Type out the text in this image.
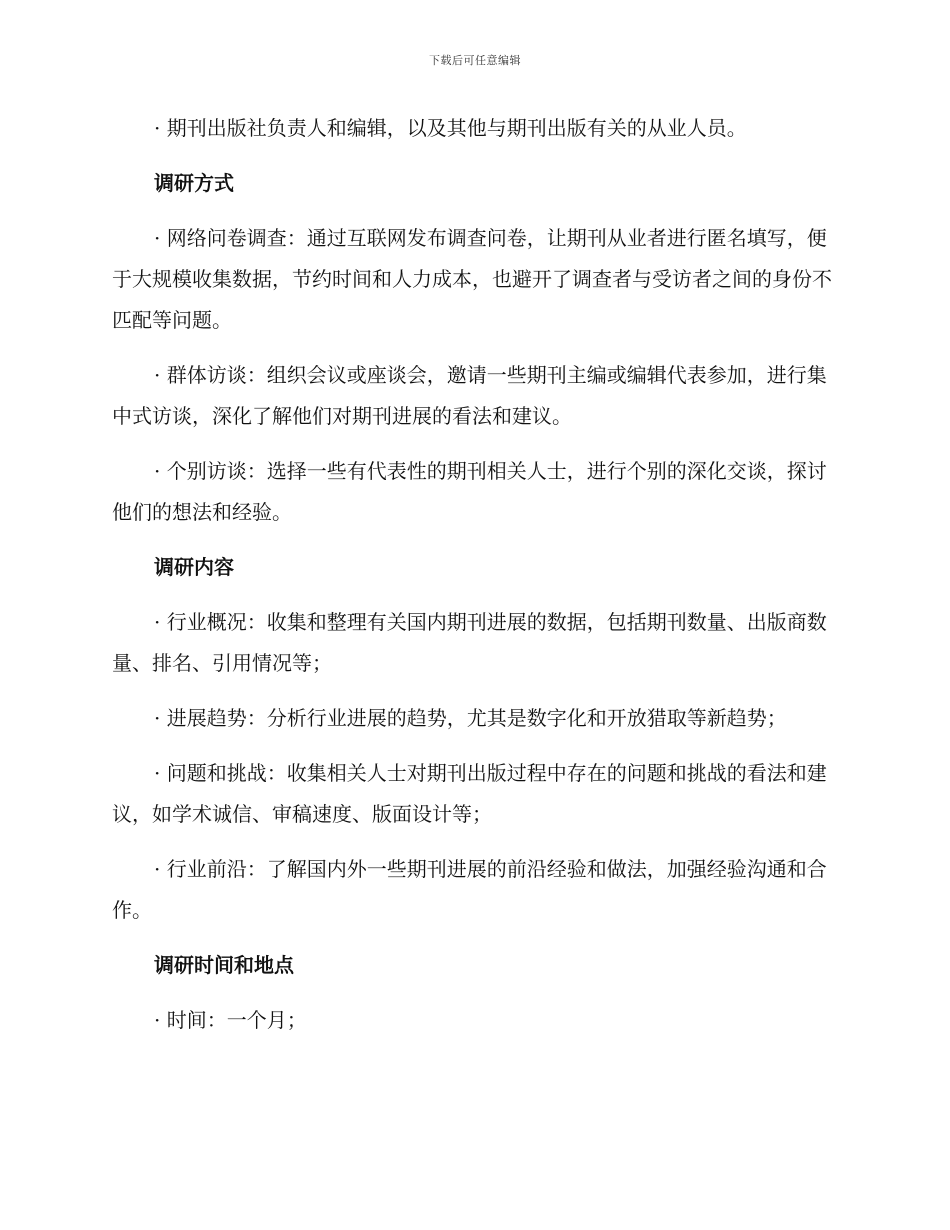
下载后可任意编辑

· 期刊出版社负责人和编辑，以及其他与期刊出版有关的从业人员。

调研方式

· 网络问卷调查：通过互联网发布调查问卷，让期刊从业者进行匿名填写，便于大规模收集数据，节约时间和人力成本，也避开了调查者与受访者之间的身份不匹配等问题。

· 群体访谈：组织会议或座谈会，邀请一些期刊主编或编辑代表参加，进行集中式访谈，深化了解他们对期刊进展的看法和建议。

· 个别访谈：选择一些有代表性的期刊相关人士，进行个别的深化交谈，探讨他们的想法和经验。

调研内容

· 行业概况：收集和整理有关国内期刊进展的数据，包括期刊数量、出版商数量、排名、引用情况等；

· 进展趋势：分析行业进展的趋势，尤其是数字化和开放猎取等新趋势；

· 问题和挑战：收集相关人士对期刊出版过程中存在的问题和挑战的看法和建议，如学术诚信、审稿速度、版面设计等；

· 行业前沿：了解国内外一些期刊进展的前沿经验和做法，加强经验沟通和合作。

调研时间和地点

· 时间：一个月；
